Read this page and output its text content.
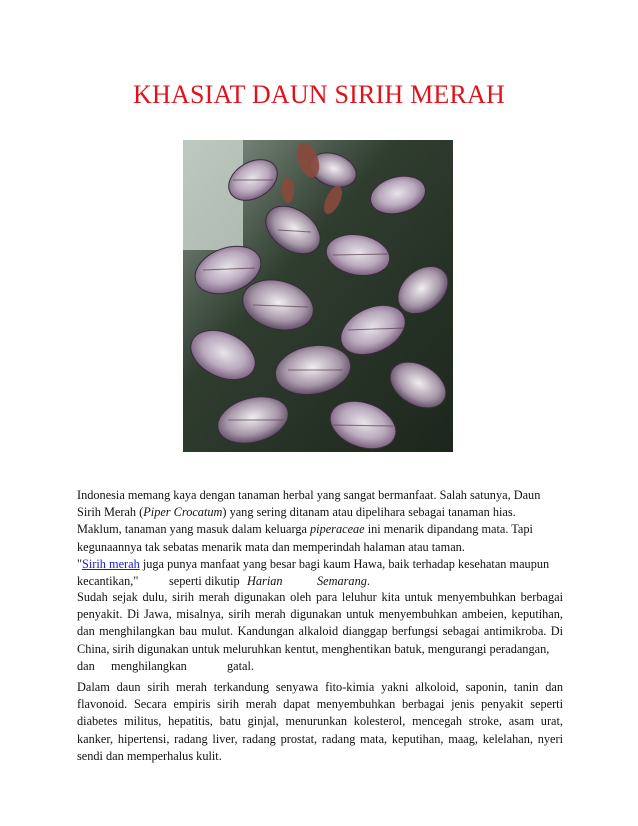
KHASIAT DAUN SIRIH MERAH
Indonesia memang kaya dengan tanaman herbal yang sangat bermanfaat. Salah satunya, Daun
Sirih Merah (Piper Crocatum) yang sering ditanam atau dipelihara sebagai tanaman hias.
Maklum, tanaman yang masuk dalam keluarga piperaceae ini menarik dipandang mata. Tapi
kegunaannya tak sebatas menarik mata dan memperindah halaman atau taman.
"Sirih merah juga punya manfaat yang besar bagi kaum Hawa, baik terhadap kesehatan maupun
kecantikan,"	seperti dikutip Harian	Semarang.
Sudah sejak dulu, sirih merah digunakan oleh para leluhur kita untuk menyembuhkan berbagai penyakit. Di Jawa, misalnya, sirih merah digunakan untuk menyembuhkan ambeien, keputihan, dan menghilangkan bau mulut. Kandungan alkaloid dianggap berfungsi sebagai antimikroba. Di China, sirih digunakan untuk meluruhkan kentut, menghentikan batuk, mengurangi peradangan,
dan	menghilangkan	gatal.
Dalam daun sirih merah terkandung senyawa fito-kimia yakni alkoloid, saponin, tanin dan flavonoid. Secara empiris sirih merah dapat menyembuhkan berbagai jenis penyakit seperti diabetes militus, hepatitis, batu ginjal, menurunkan kolesterol, mencegah stroke, asam urat, kanker, hipertensi, radang liver, radang prostat, radang mata, keputihan, maag, kelelahan, nyeri sendi dan memperhalus kulit.
